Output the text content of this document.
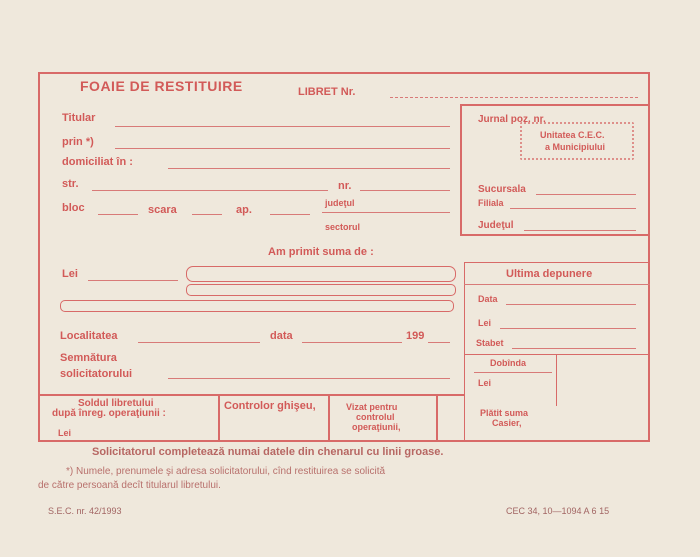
FOAIE DE RESTITUIRE	LIBRET Nr.
Titular
prin *)
domiciliat în :
str.	nr.
bloc	scara	ap.
judeţul
sectorul
Jurnal poz. nr.
Unitatea C.E.C.
a Municipiului
Sucursala
Filiala
Judeţul
Am primit suma de :
Lei
Localitatea	data	199
Semnătura
solicitatorului
Ultima depunere
Data
Lei
Stabet
Dobînda
Lei
Soldul libretului
după înreg. operaţiunii :
Lei
Controlor ghişeu,	Vizat pentru
controlul
operaţiunii,
Plătit suma
Casier,
Solicitatorul completează numai datele din chenarul cu linii groase.
*) Numele, prenumele şi adresa solicitatorului, cînd restituirea se solicită
de către persoană decît titularul libretului.
S.E.C. nr. 42/1993	CEC 34, 10—1094 A 6 15
